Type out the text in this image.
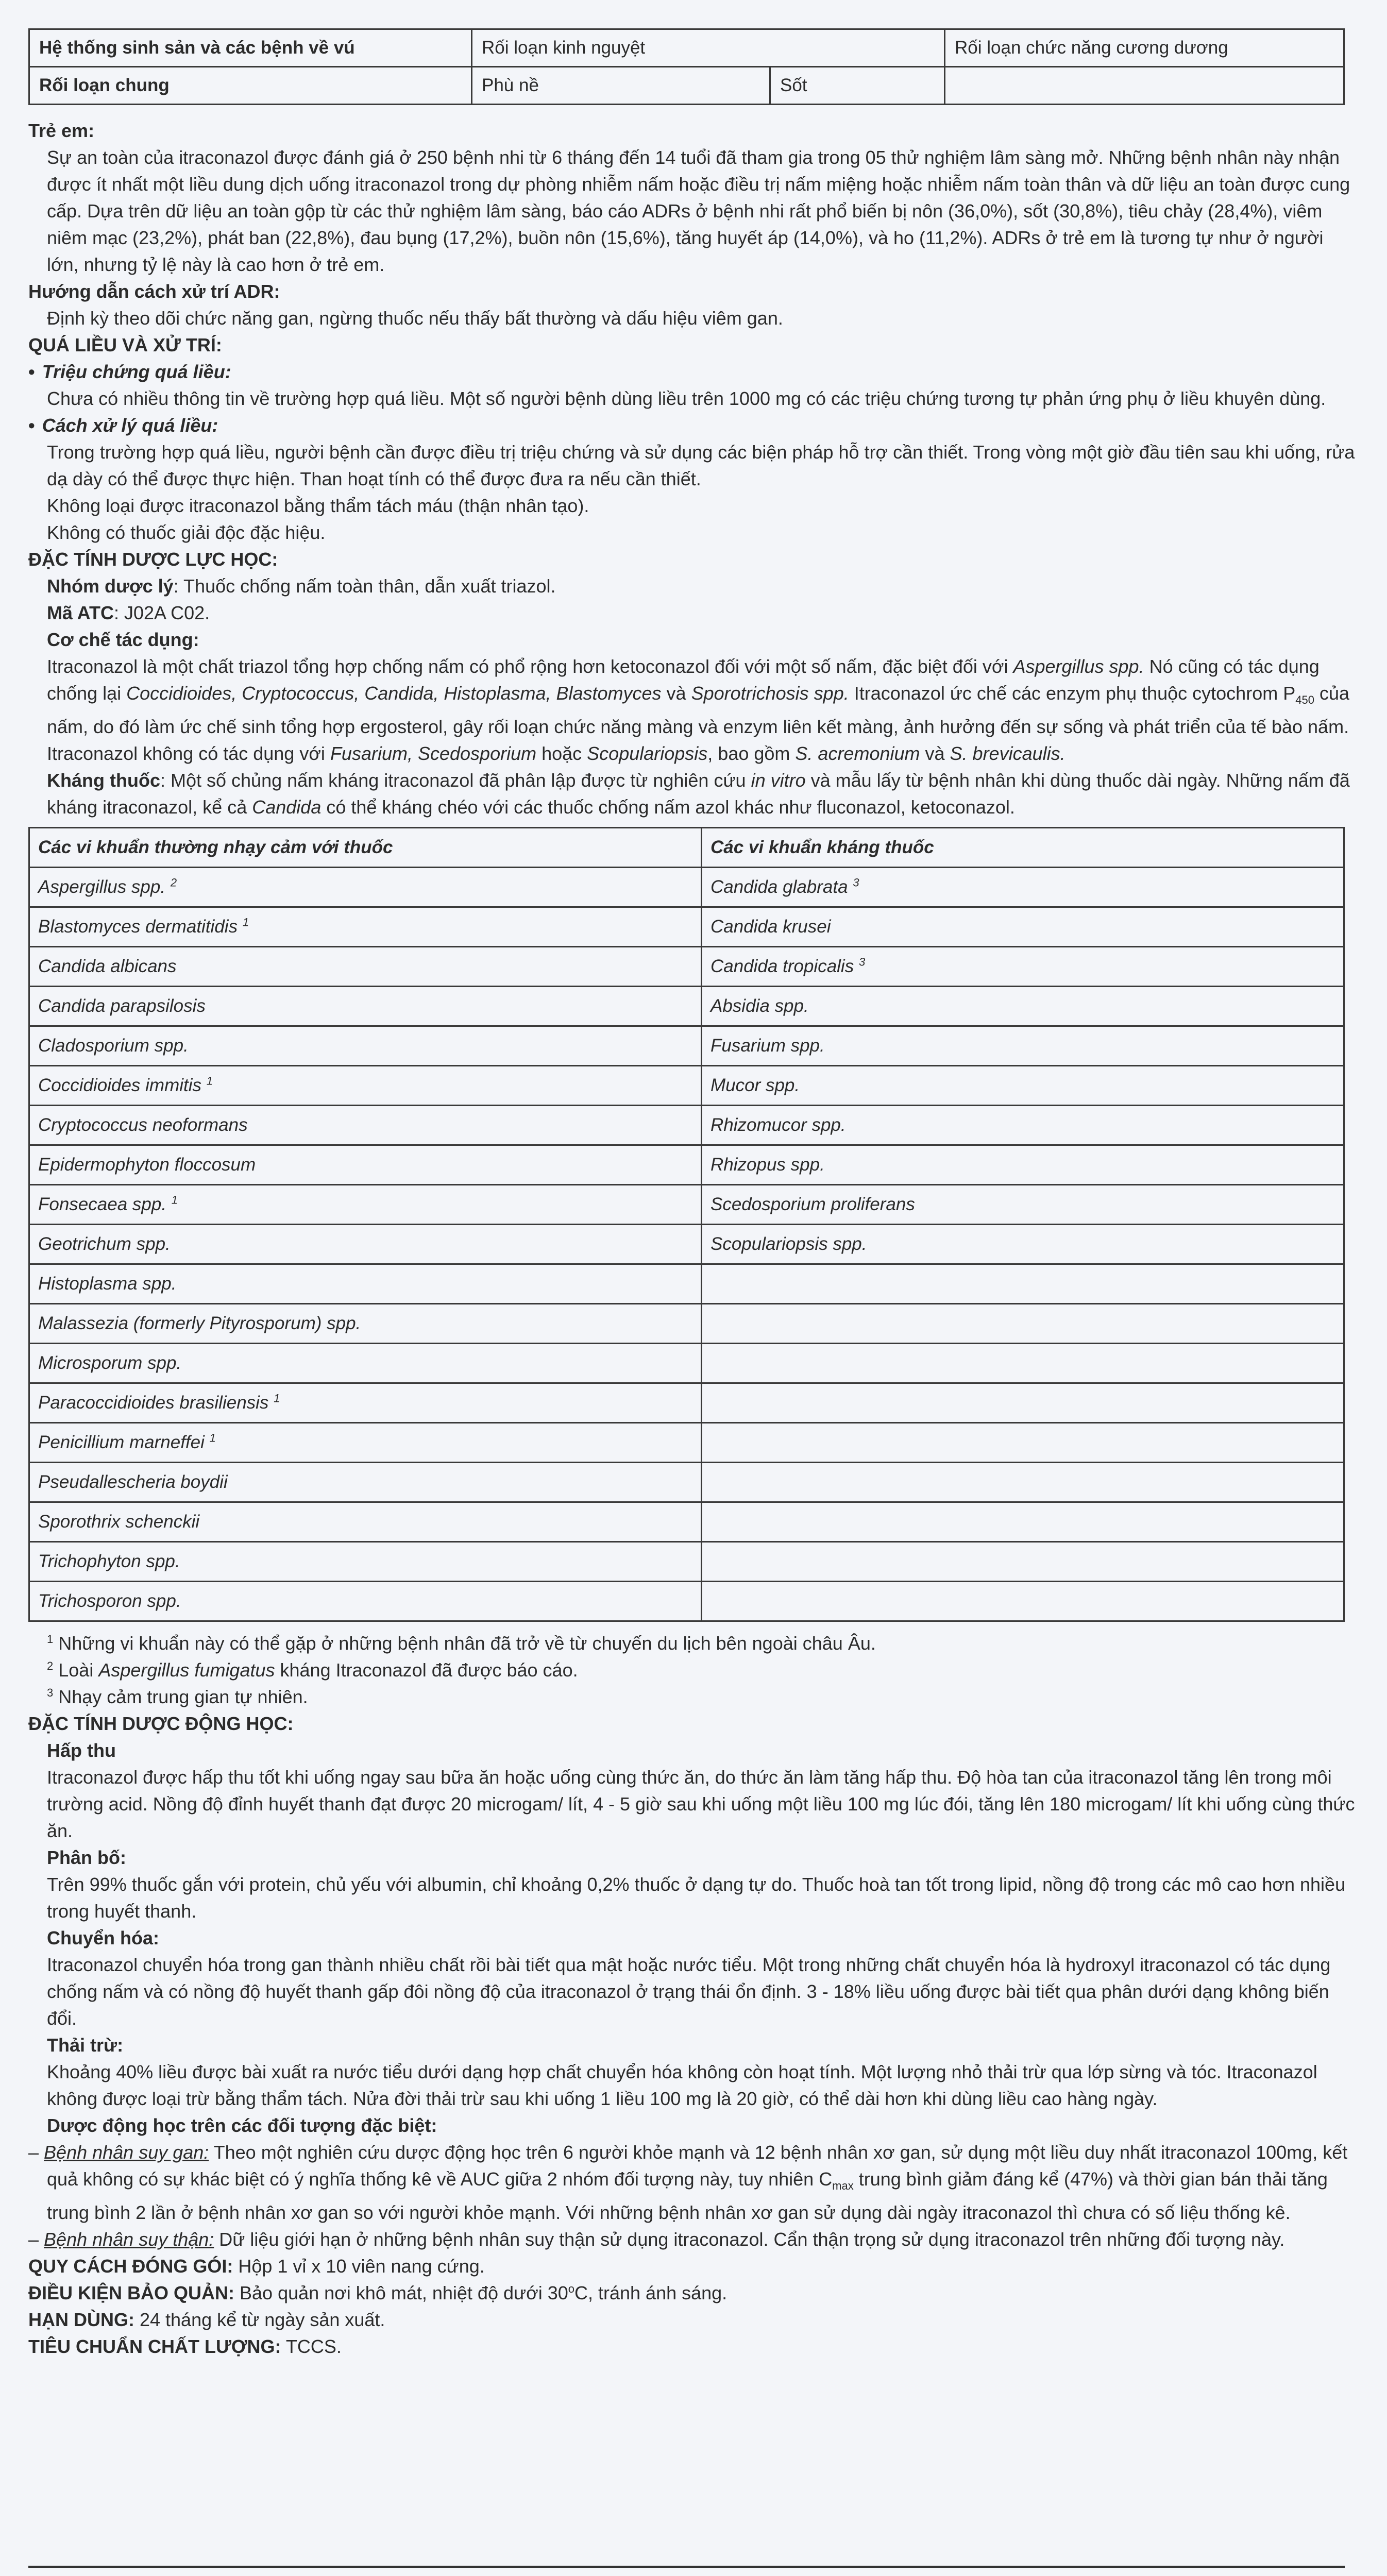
Hệ thống sinh sản và các bệnh về vú	Rối loạn kinh nguyệt		Rối loạn chức năng cương dương
Rối loạn chung	Phù nề	Sốt	

Trẻ em:

Sự an toàn của itraconazol được đánh giá ở 250 bệnh nhi từ 6 tháng đến 14 tuổi đã tham gia trong 05 thử nghiệm lâm sàng mở. Những bệnh nhân này nhận được ít nhất một liều dung dịch uống itraconazol trong dự phòng nhiễm nấm hoặc điều trị nấm miệng hoặc nhiễm nấm toàn thân và dữ liệu an toàn được cung cấp. Dựa trên dữ liệu an toàn gộp từ các thử nghiệm lâm sàng, báo cáo ADRs ở bệnh nhi rất phổ biến bị nôn (36,0%), sốt (30,8%), tiêu chảy (28,4%), viêm niêm mạc (23,2%), phát ban (22,8%), đau bụng (17,2%), buồn nôn (15,6%), tăng huyết áp (14,0%), và ho (11,2%). ADRs ở trẻ em là tương tự như ở người lớn, nhưng tỷ lệ này là cao hơn ở trẻ em.

Hướng dẫn cách xử trí ADR:

Định kỳ theo dõi chức năng gan, ngừng thuốc nếu thấy bất thường và dấu hiệu viêm gan.

QUÁ LIỀU VÀ XỬ TRÍ:

• Triệu chứng quá liều:

Chưa có nhiều thông tin về trường hợp quá liều. Một số người bệnh dùng liều trên 1000 mg có các triệu chứng tương tự phản ứng phụ ở liều khuyên dùng.

• Cách xử lý quá liều:

Trong trường hợp quá liều, người bệnh cần được điều trị triệu chứng và sử dụng các biện pháp hỗ trợ cần thiết. Trong vòng một giờ đầu tiên sau khi uống, rửa dạ dày có thể được thực hiện. Than hoạt tính có thể được đưa ra nếu cần thiết.

Không loại được itraconazol bằng thẩm tách máu (thận nhân tạo).

Không có thuốc giải độc đặc hiệu.

ĐẶC TÍNH DƯỢC LỰC HỌC:

Nhóm dược lý: Thuốc chống nấm toàn thân, dẫn xuất triazol.

Mã ATC: J02A C02.

Cơ chế tác dụng:

Itraconazol là một chất triazol tổng hợp chống nấm có phổ rộng hơn ketoconazol đối với một số nấm, đặc biệt đối với Aspergillus spp. Nó cũng có tác dụng chống lại Coccidioides, Cryptococcus, Candida, Histoplasma, Blastomyces và Sporotrichosis spp. Itraconazol ức chế các enzym phụ thuộc cytochrom $P_{450}$ của nấm, do đó làm ức chế sinh tổng hợp ergosterol, gây rối loạn chức năng màng và enzym liên kết màng, ảnh hưởng đến sự sống và phát triển của tế bào nấm.

Itraconazol không có tác dụng với Fusarium, Scedosporium hoặc Scopulariopsis, bao gồm S. acremonium và S. brevicaulis.

Kháng thuốc: Một số chủng nấm kháng itraconazol đã phân lập được từ nghiên cứu in vitro và mẫu lấy từ bệnh nhân khi dùng thuốc dài ngày. Những nấm đã kháng itraconazol, kể cả Candida có thể kháng chéo với các thuốc chống nấm azol khác như fluconazol, ketoconazol.

Các vi khuẩn thường nhạy cảm với thuốc	Các vi khuẩn kháng thuốc
Aspergillus spp. $^2$	Candida glabrata $^3$
Blastomyces dermatitidis $^1$	Candida krusei
Candida albicans	Candida tropicalis $^3$
Candida parapsilosis	Absidia spp.
Cladosporium spp.	Fusarium spp.
Coccidioides immitis $^1$	Mucor spp.
Cryptococcus neoformans	Rhizomucor spp.
Epidermophyton floccosum	Rhizopus spp.
Fonsecaea spp. $^1$	Scedosporium proliferans
Geotrichum spp.	Scopulariopsis spp.
Histoplasma spp.	
Malassezia (formerly Pityrosporum) spp.	
Microsporum spp.	
Paracoccidioides brasiliensis $^1$	
Penicillium marneffei $^1$	
Pseudallescheria boydii	
Sporothrix schenckii	
Trichophyton spp.	
Trichosporon spp.	

$^1$ Những vi khuẩn này có thể gặp ở những bệnh nhân đã trở về từ chuyến du lịch bên ngoài châu Âu.

$^2$ Loài Aspergillus fumigatus kháng Itraconazol đã được báo cáo.

$^3$ Nhạy cảm trung gian tự nhiên.

ĐẶC TÍNH DƯỢC ĐỘNG HỌC:

Hấp thu

Itraconazol được hấp thu tốt khi uống ngay sau bữa ăn hoặc uống cùng thức ăn, do thức ăn làm tăng hấp thu. Độ hòa tan của itraconazol tăng lên trong môi trường acid. Nồng độ đỉnh huyết thanh đạt được 20 microgam/ lít, 4 - 5 giờ sau khi uống một liều 100 mg lúc đói, tăng lên 180 microgam/ lít khi uống cùng thức ăn.

Phân bố:

Trên 99% thuốc gắn với protein, chủ yếu với albumin, chỉ khoảng 0,2% thuốc ở dạng tự do. Thuốc hoà tan tốt trong lipid, nồng độ trong các mô cao hơn nhiều trong huyết thanh.

Chuyển hóa:

Itraconazol chuyển hóa trong gan thành nhiều chất rồi bài tiết qua mật hoặc nước tiểu. Một trong những chất chuyển hóa là hydroxyl itraconazol có tác dụng chống nấm và có nồng độ huyết thanh gấp đôi nồng độ của itraconazol ở trạng thái ổn định. 3 - 18% liều uống được bài tiết qua phân dưới dạng không biến đổi.

Thải trừ:

Khoảng 40% liều được bài xuất ra nước tiểu dưới dạng hợp chất chuyển hóa không còn hoạt tính. Một lượng nhỏ thải trừ qua lớp sừng và tóc. Itraconazol không được loại trừ bằng thẩm tách. Nửa đời thải trừ sau khi uống 1 liều 100 mg là 20 giờ, có thể dài hơn khi dùng liều cao hàng ngày.

Dược động học trên các đối tượng đặc biệt:

– Bệnh nhân suy gan: Theo một nghiên cứu dược động học trên 6 người khỏe mạnh và 12 bệnh nhân xơ gan, sử dụng một liều duy nhất itraconazol 100mg, kết quả không có sự khác biệt có ý nghĩa thống kê về AUC giữa 2 nhóm đối tượng này, tuy nhiên $C_{max}$ trung bình giảm đáng kể (47%) và thời gian bán thải tăng trung bình 2 lần ở bệnh nhân xơ gan so với người khỏe mạnh. Với những bệnh nhân xơ gan sử dụng dài ngày itraconazol thì chưa có số liệu thống kê.

– Bệnh nhân suy thận: Dữ liệu giới hạn ở những bệnh nhân suy thận sử dụng itraconazol. Cẩn thận trọng sử dụng itraconazol trên những đối tượng này.

QUY CÁCH ĐÓNG GÓI: Hộp 1 vỉ x 10 viên nang cứng.

ĐIỀU KIỆN BẢO QUẢN: Bảo quản nơi khô mát, nhiệt độ dưới 30$^o$C, tránh ánh sáng.

HẠN DÙNG: 24 tháng kể từ ngày sản xuất.

TIÊU CHUẨN CHẤT LƯỢNG: TCCS.
